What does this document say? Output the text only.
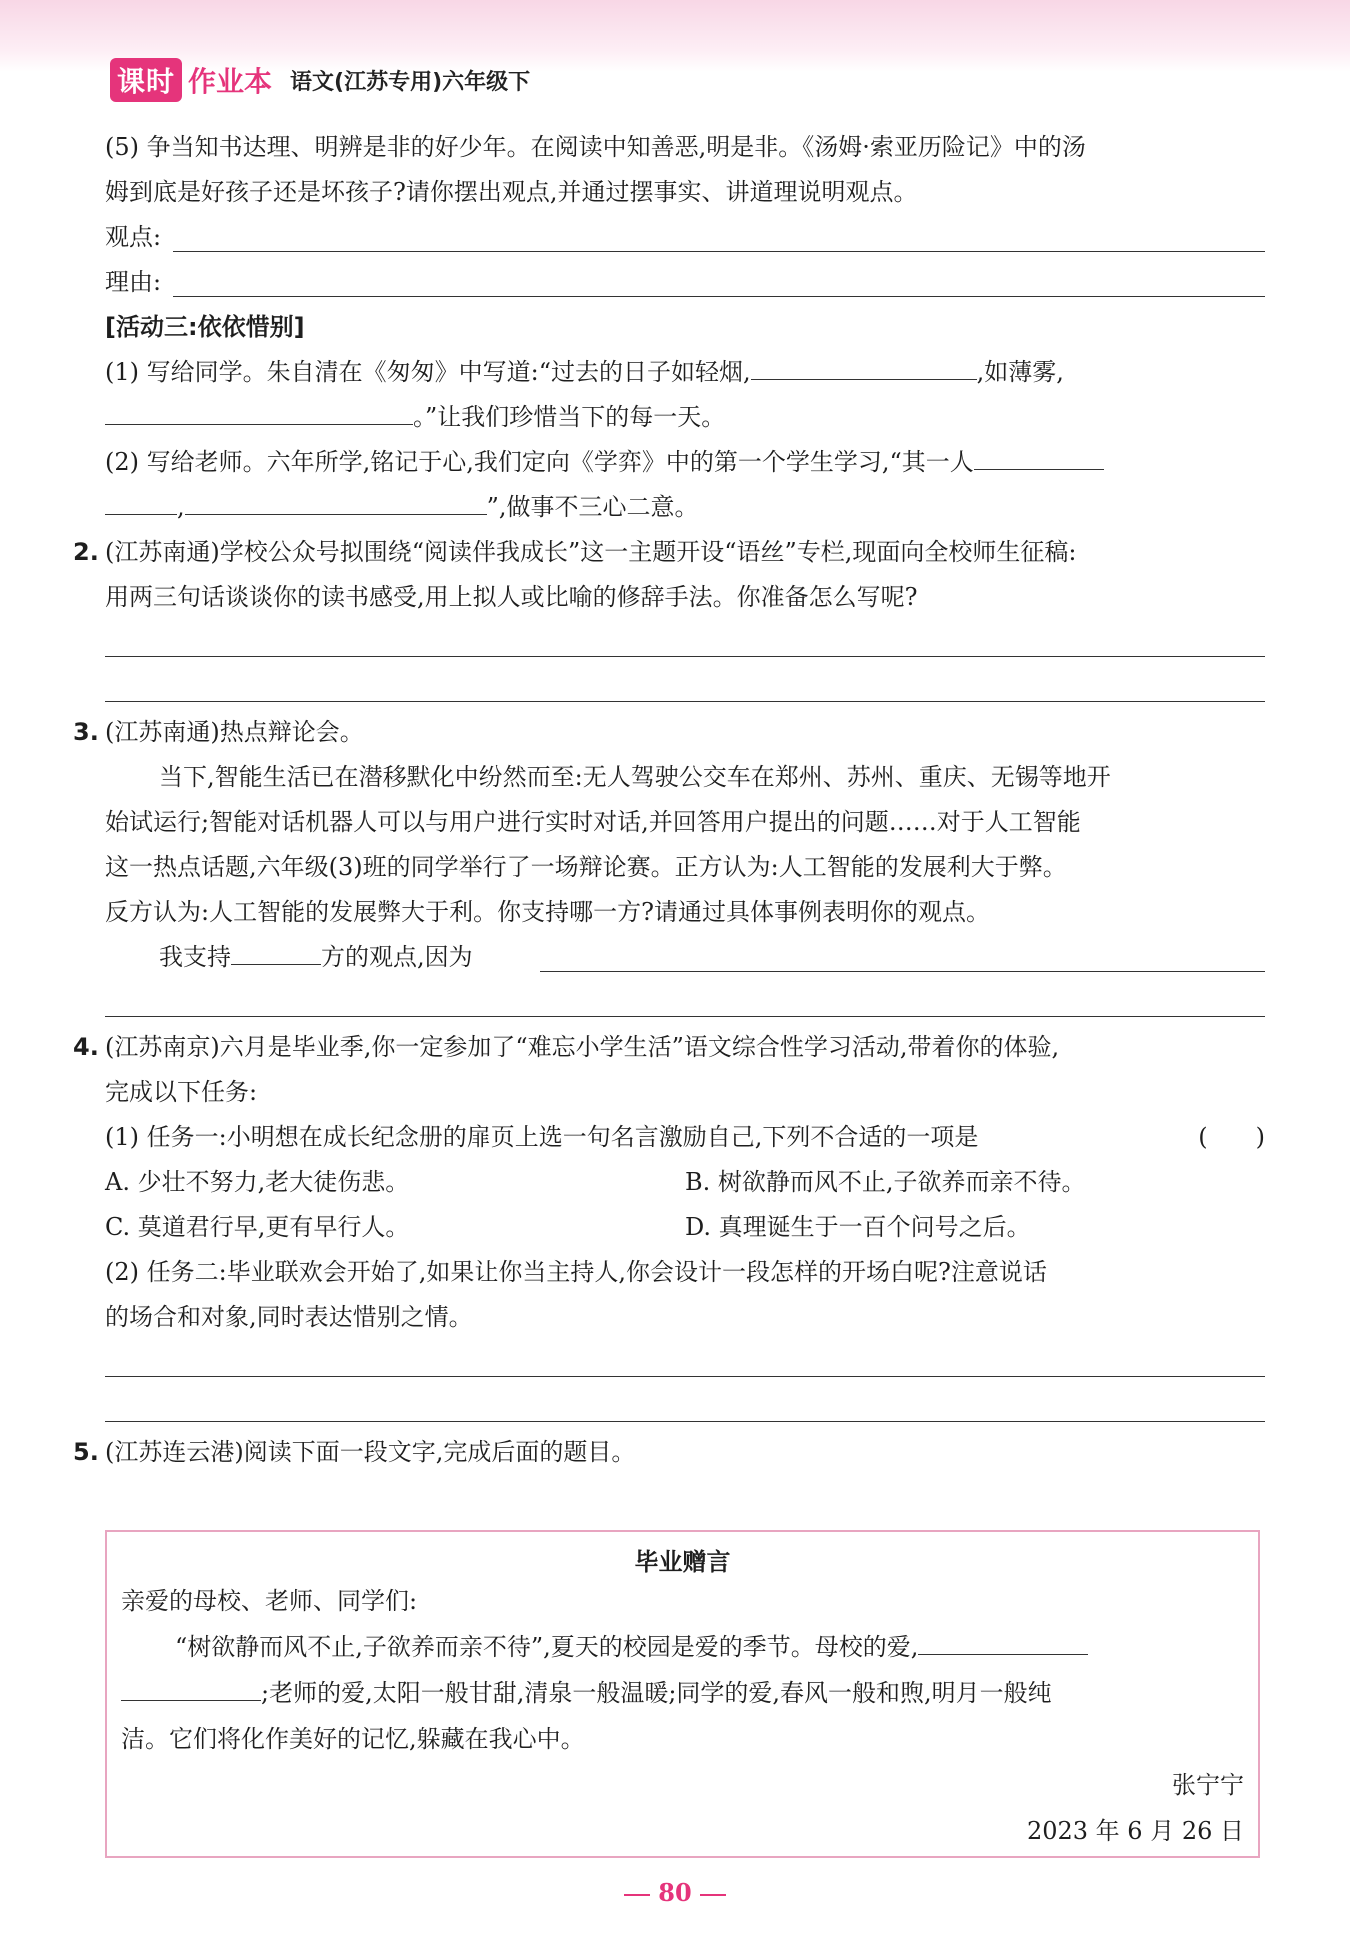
课时 作业本 语文(江苏专用)六年级下
(5) 争当知书达理、明辨是非的好少年。在阅读中知善恶,明是非。《汤姆·索亚历险记》中的汤
姆到底是好孩子还是坏孩子?请你摆出观点,并通过摆事实、讲道理说明观点。
观点:
理由:
[活动三:依依惜别]
(1) 写给同学。朱自清在《匆匆》中写道:“过去的日子如轻烟,	,如薄雾,
。”让我们珍惜当下的每一天。
(2) 写给老师。六年所学,铭记于心,我们定向《学弈》中的第一个学生学习,“其一人
,	”,做事不三心二意。
2. (江苏南通)学校公众号拟围绕“阅读伴我成长”这一主题开设“语丝”专栏,现面向全校师生征稿:
用两三句话谈谈你的读书感受,用上拟人或比喻的修辞手法。你准备怎么写呢?
3. (江苏南通)热点辩论会。
当下,智能生活已在潜移默化中纷然而至:无人驾驶公交车在郑州、苏州、重庆、无锡等地开
始试运行;智能对话机器人可以与用户进行实时对话,并回答用户提出的问题……对于人工智能
这一热点话题,六年级(3)班的同学举行了一场辩论赛。正方认为:人工智能的发展利大于弊。
反方认为:人工智能的发展弊大于利。你支持哪一方?请通过具体事例表明你的观点。
我支持	方的观点,因为
4. (江苏南京)六月是毕业季,你一定参加了“难忘小学生活”语文综合性学习活动,带着你的体验,
完成以下任务:
(1) 任务一:小明想在成长纪念册的扉页上选一句名言激励自己,下列不合适的一项是	(　　)
A. 少壮不努力,老大徒伤悲。	B. 树欲静而风不止,子欲养而亲不待。
C. 莫道君行早,更有早行人。	D. 真理诞生于一百个问号之后。
(2) 任务二:毕业联欢会开始了,如果让你当主持人,你会设计一段怎样的开场白呢?注意说话
的场合和对象,同时表达惜别之情。
5. (江苏连云港)阅读下面一段文字,完成后面的题目。
毕业赠言
亲爱的母校、老师、同学们:
“树欲静而风不止,子欲养而亲不待”,夏天的校园是爱的季节。母校的爱,
;老师的爱,太阳一般甘甜,清泉一般温暖;同学的爱,春风一般和煦,明月一般纯
洁。它们将化作美好的记忆,躲藏在我心中。
张宁宁
2023 年 6 月 26 日
80
